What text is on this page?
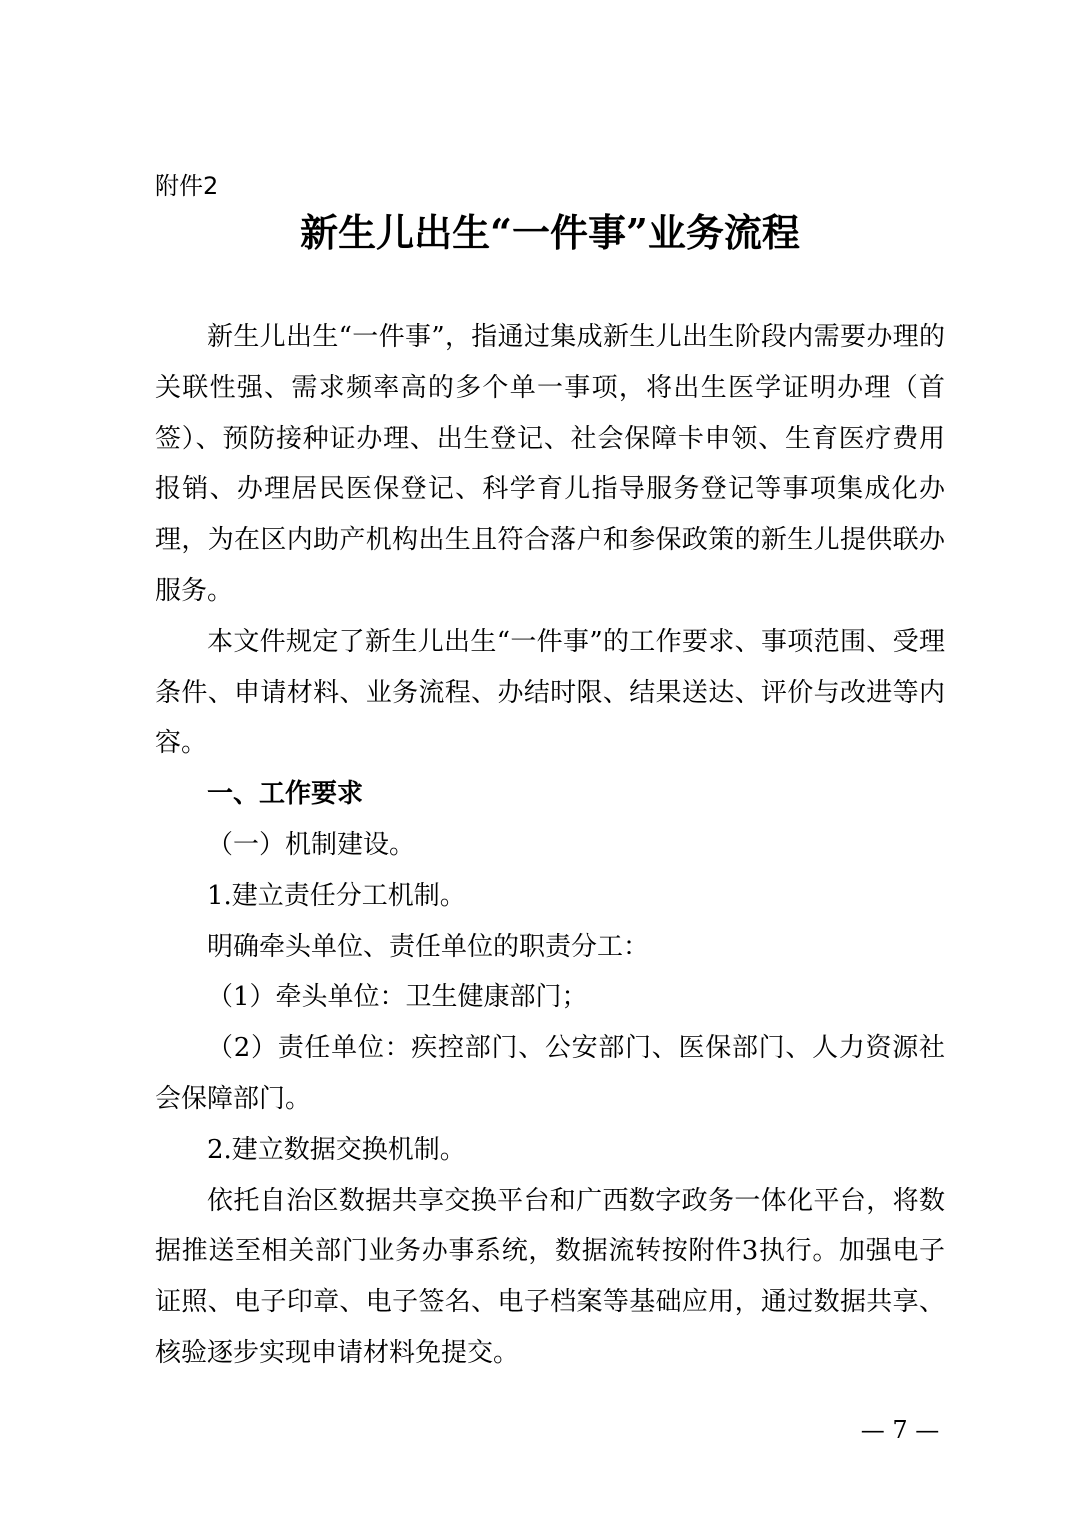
附件2
新生儿出生“一件事”业务流程

新生儿出生“一件事”，指通过集成新生儿出生阶段内需要办理的关联性强、需求频率高的多个单一事项，将出生医学证明办理（首签）、预防接种证办理、出生登记、社会保障卡申领、生育医疗费用报销、办理居民医保登记、科学育儿指导服务登记等事项集成化办理，为在区内助产机构出生且符合落户和参保政策的新生儿提供联办服务。

本文件规定了新生儿出生“一件事”的工作要求、事项范围、受理条件、申请材料、业务流程、办结时限、结果送达、评价与改进等内容。

一、工作要求

（一）机制建设。

1.建立责任分工机制。

明确牵头单位、责任单位的职责分工：

（1）牵头单位：卫生健康部门；

（2）责任单位：疾控部门、公安部门、医保部门、人力资源社会保障部门。

2.建立数据交换机制。

依托自治区数据共享交换平台和广西数字政务一体化平台，将数据推送至相关部门业务办事系统，数据流转按附件3执行。加强电子证照、电子印章、电子签名、电子档案等基础应用，通过数据共享、核验逐步实现申请材料免提交。

— 7 —
